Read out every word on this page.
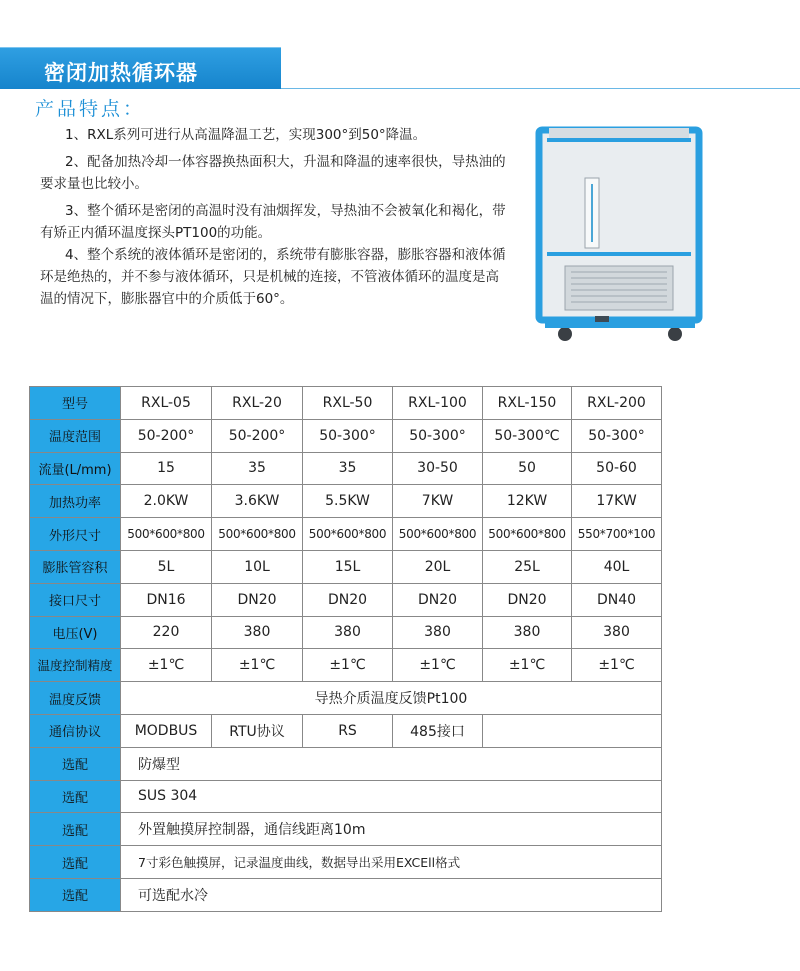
密闭加热循环器
产品特点：

1、RXL系列可进行从高温降温工艺，实现300°到50°降温。

2、配备加热冷却一体容器换热面积大，升温和降温的速率很快，导热油的要求量也比较小。

3、整个循环是密闭的高温时没有油烟挥发，导热油不会被氧化和褐化，带有矫正内循环温度探头PT100的功能。

4、整个系统的液体循环是密闭的，系统带有膨胀容器，膨胀容器和液体循环是绝热的，并不参与液体循环，只是机械的连接，不管液体循环的温度是高温的情况下，膨胀器官中的介质低于60°。

型号	RXL-05	RXL-20	RXL-50	RXL-100	RXL-150	RXL-200
温度范围	50-200°	50-200°	50-300°	50-300°	50-300℃	50-300°
流量(L/mm)	15	35	35	30-50	50	50-60
加热功率	2.0KW	3.6KW	5.5KW	7KW	12KW	17KW
外形尺寸	500*600*800	500*600*800	500*600*800	500*600*800	500*600*800	550*700*100
膨胀管容积	5L	10L	15L	20L	25L	40L
接口尺寸	DN16	DN20	DN20	DN20	DN20	DN40
电压(V)	220	380	380	380	380	380
温度控制精度	±1℃	±1℃	±1℃	±1℃	±1℃	±1℃
温度反馈	导热介质温度反馈Pt100					
通信协议	MODBUS	RTU协议	RS	485接口		
选配	防爆型					
选配	SUS 304					
选配	外置触摸屏控制器，通信线距离10m					
选配	7寸彩色触摸屏，记录温度曲线，数据导出采用EXCEll格式					
选配	可选配水冷					
